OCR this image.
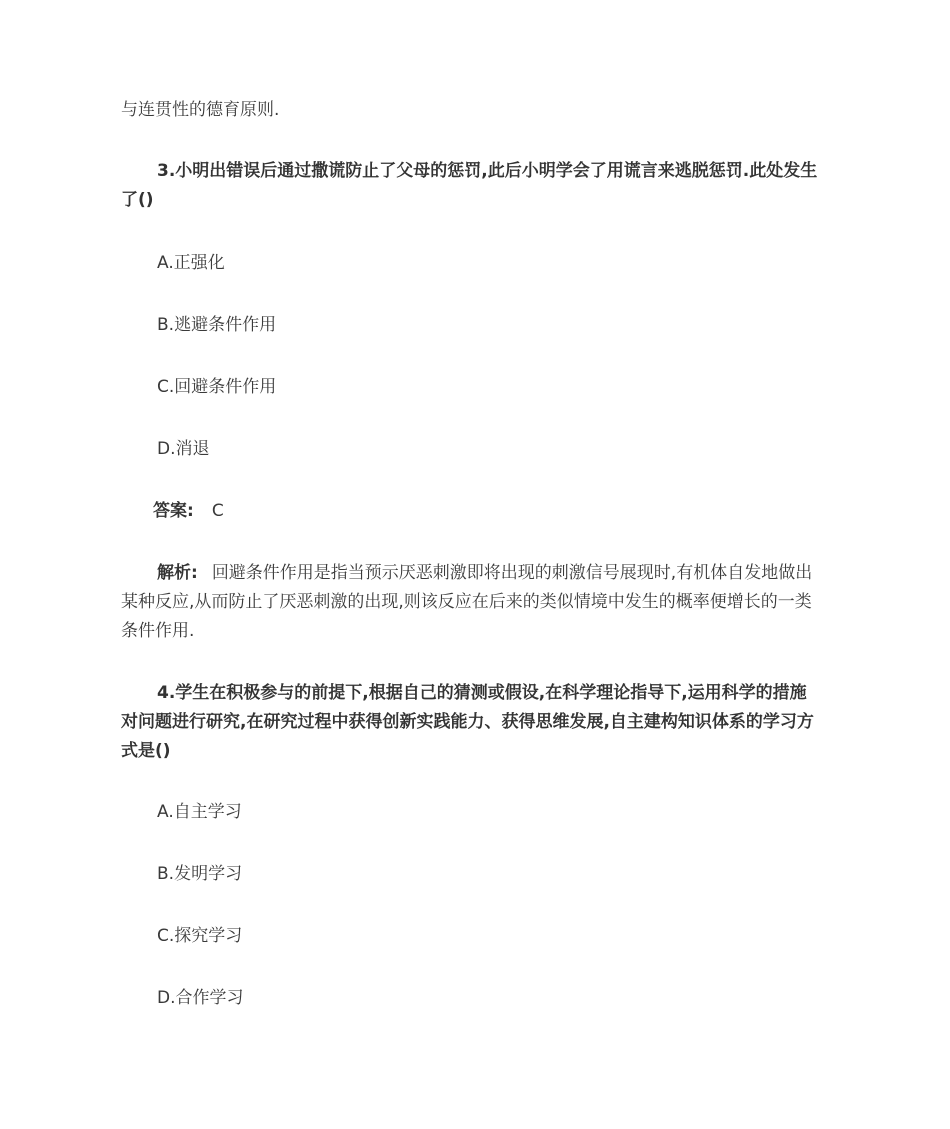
与连贯性的德育原则.
3.小明出错误后通过撒谎防止了父母的惩罚,此后小明学会了用谎言来逃脱惩罚.此处发生了()
A.正强化
B.逃避条件作用
C.回避条件作用
D.消退
答案: C
解析: 回避条件作用是指当预示厌恶刺激即将出现的刺激信号展现时,有机体自发地做出某种反应,从而防止了厌恶刺激的出现,则该反应在后来的类似情境中发生的概率便增长的一类条件作用.
4.学生在积极参与的前提下,根据自己的猜测或假设,在科学理论指导下,运用科学的措施对问题进行研究,在研究过程中获得创新实践能力、获得思维发展,自主建构知识体系的学习方式是()
A.自主学习
B.发明学习
C.探究学习
D.合作学习
